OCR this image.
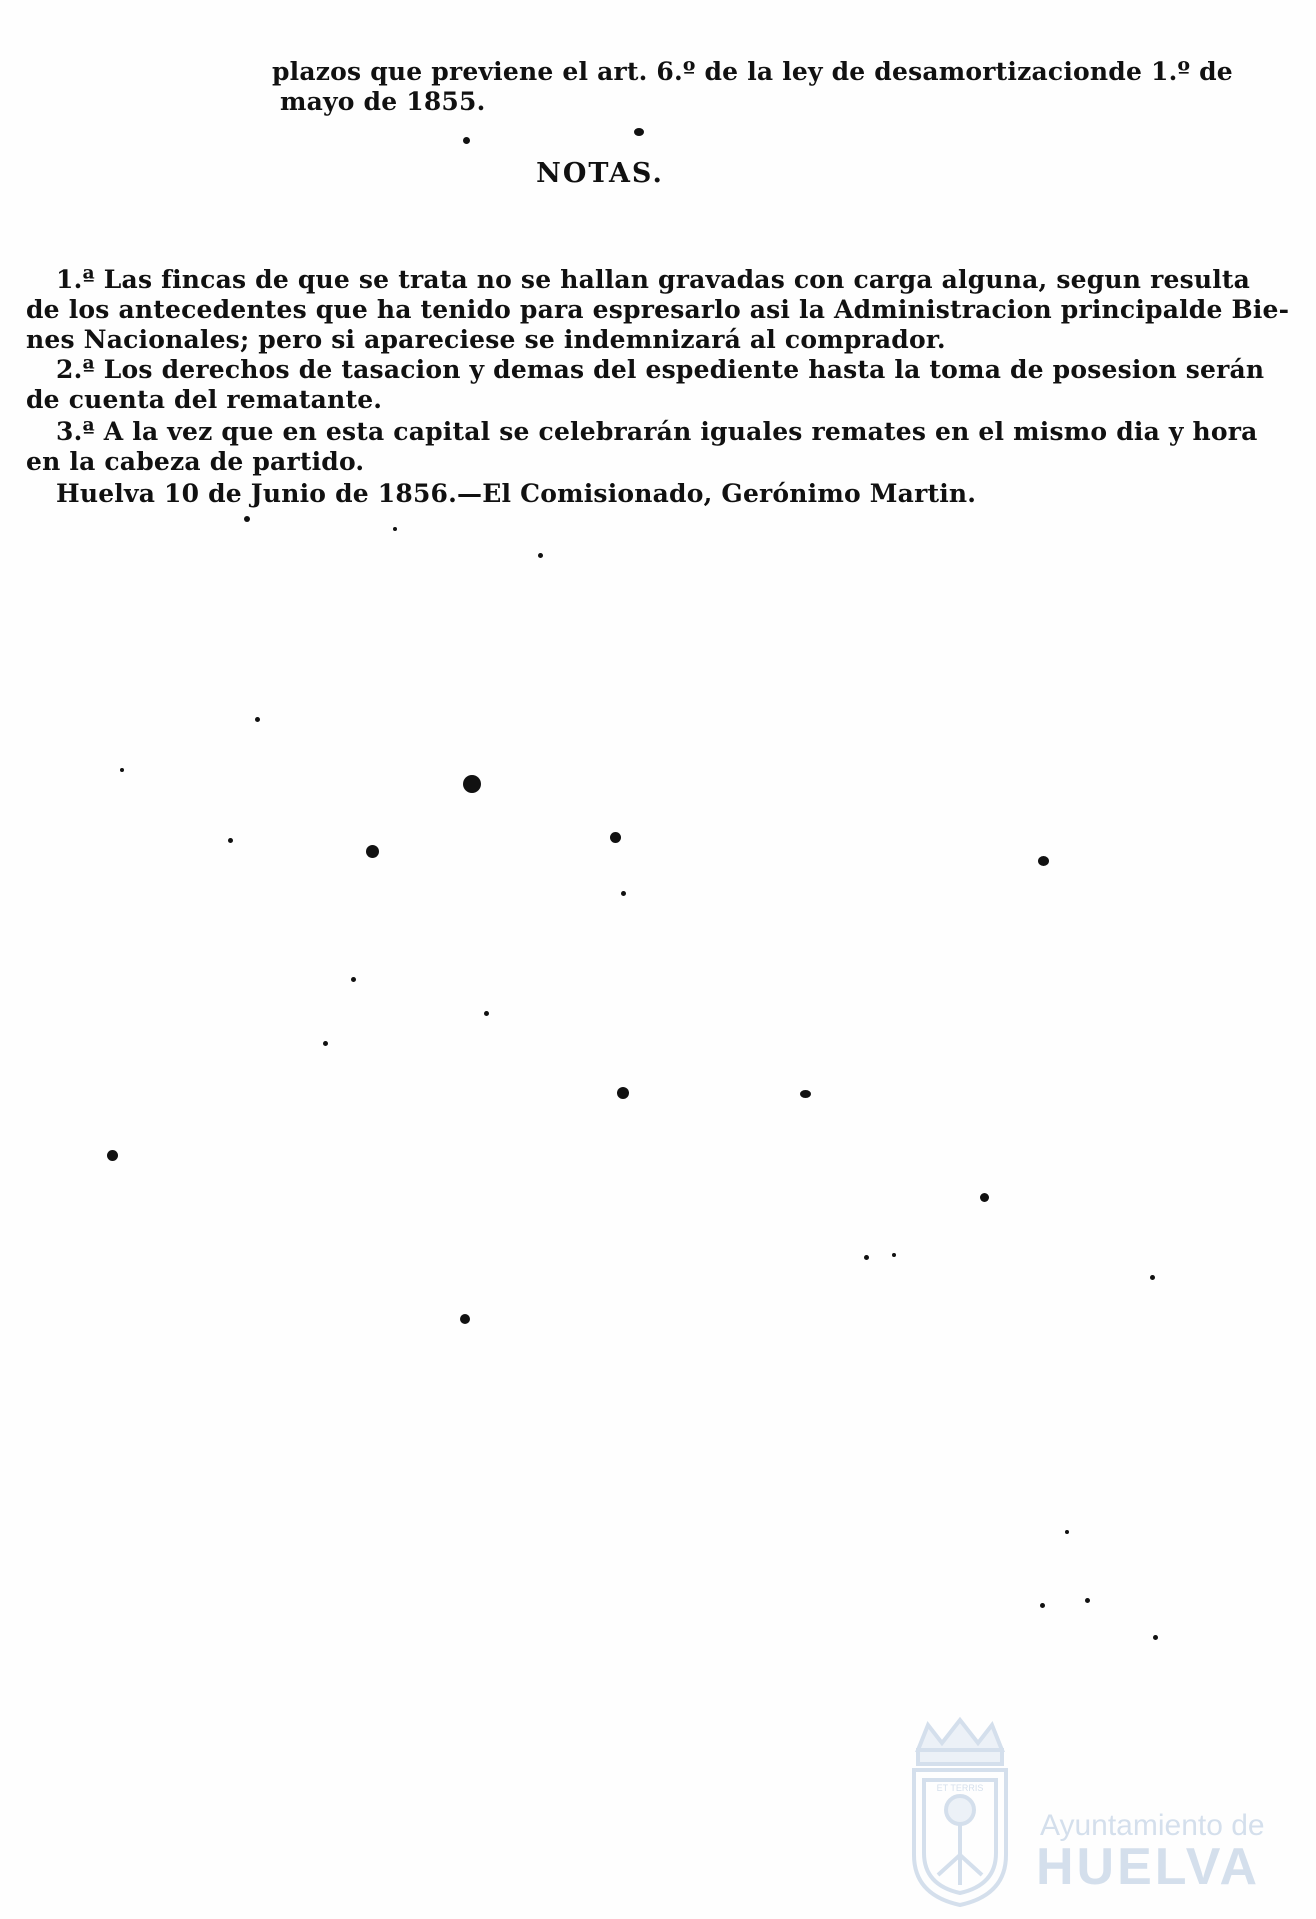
plazos que previene el art. 6.º de la ley de desamortizaciondе 1.º de
mayo de 1855.
NOTAS.
1.ª Las fincas de que se trata no se hallan gravadas con carga alguna, segun resulta
de los antecedentes que ha tenido para espresarlo asi la Administracion principalde Bie-
nes Nacionales; pero si apareciese se indemnizará al comprador.
2.ª Los derechos de tasacion y demas del espediente hasta la toma de posesion serán
de cuenta del rematante.
3.ª A la vez que en esta capital se celebrarán iguales remates en el mismo dia y hora
en la cabeza de partido.
Huelva 10 de Junio de 1856.—El Comisionado, Gerónimo Martin.
ET TERRIS
Ayuntamiento de
HUELVA
